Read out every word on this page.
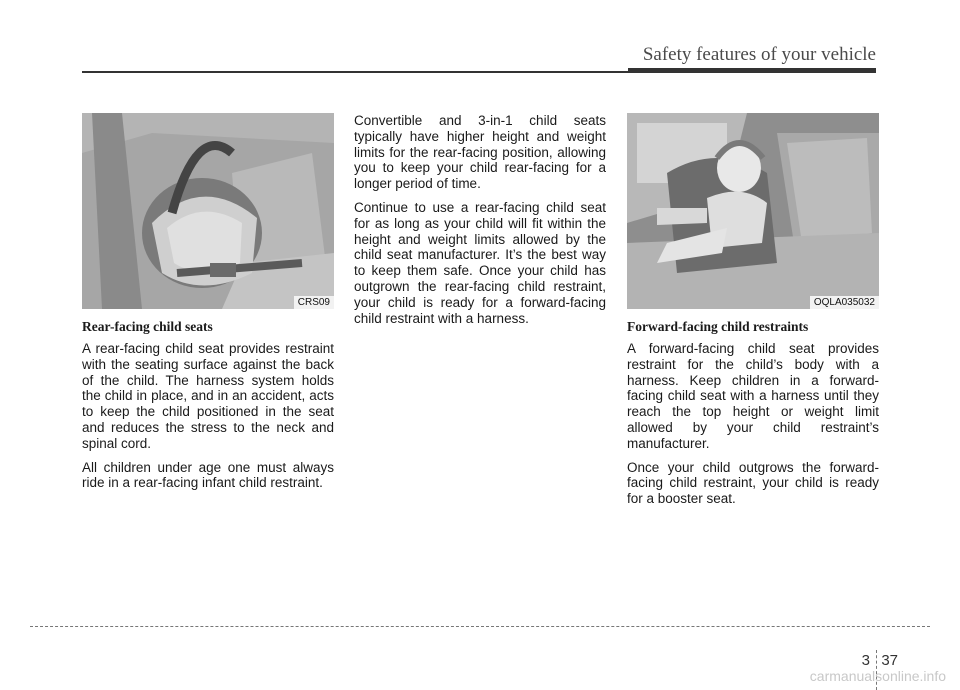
Safety features of your vehicle
CRS09

Rear-facing child seats

A rear-facing child seat provides restraint with the seating surface against the back of the child. The harness system holds the child in place, and in an accident, acts to keep the child positioned in the seat and reduces the stress to the neck and spinal cord.

All children under age one must always ride in a rear-facing infant child restraint.

Convertible and 3-in-1 child seats typically have higher height and weight limits for the rear-facing position, allowing you to keep your child rear-facing for a longer period of time.

Continue to use a rear-facing child seat for as long as your child will fit within the height and weight limits allowed by the child seat manufacturer. It’s the best way to keep them safe. Once your child has outgrown the rear-facing child restraint, your child is ready for a forward-facing child restraint with a harness.

OQLA035032

Forward-facing child restraints

A forward-facing child seat provides restraint for the child’s body with a harness. Keep children in a forward-facing child seat with a harness until they reach the top height or weight limit allowed by your child restraint’s manufacturer.

Once your child outgrows the forward-facing child restraint, your child is ready for a booster seat.

3 37
carmanualsonline.info
